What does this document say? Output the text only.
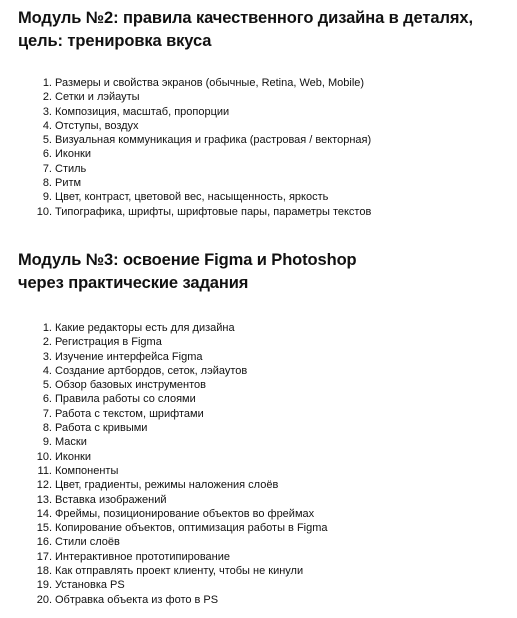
Модуль №2: правила качественного дизайна в деталях,
цель: тренировка вкуса
1. Размеры и свойства экранов (обычные, Retina, Web, Mobile)
2. Сетки и лэйауты
3. Композиция, масштаб, пропорции
4. Отступы, воздух
5. Визуальная коммуникация и графика (растровая / векторная)
6. Иконки
7. Стиль
8. Ритм
9. Цвет, контраст, цветовой вес, насыщенность, яркость
10. Типографика, шрифты, шрифтовые пары, параметры текстов
Модуль №3: освоение Figma и Photoshop
через практические задания
1. Какие редакторы есть для дизайна
2. Регистрация в Figma
3. Изучение интерфейса Figma
4. Создание артбордов, сеток, лэйаутов
5. Обзор базовых инструментов
6. Правила работы со слоями
7. Работа с текстом, шрифтами
8. Работа с кривыми
9. Маски
10. Иконки
11. Компоненты
12. Цвет, градиенты, режимы наложения слоёв
13. Вставка изображений
14. Фреймы, позиционирование объектов во фреймах
15. Копирование объектов, оптимизация работы в Figma
16. Стили слоёв
17. Интерактивное прототипирование
18. Как отправлять проект клиенту, чтобы не кинули
19. Установка PS
20. Обтравка объекта из фото в PS
